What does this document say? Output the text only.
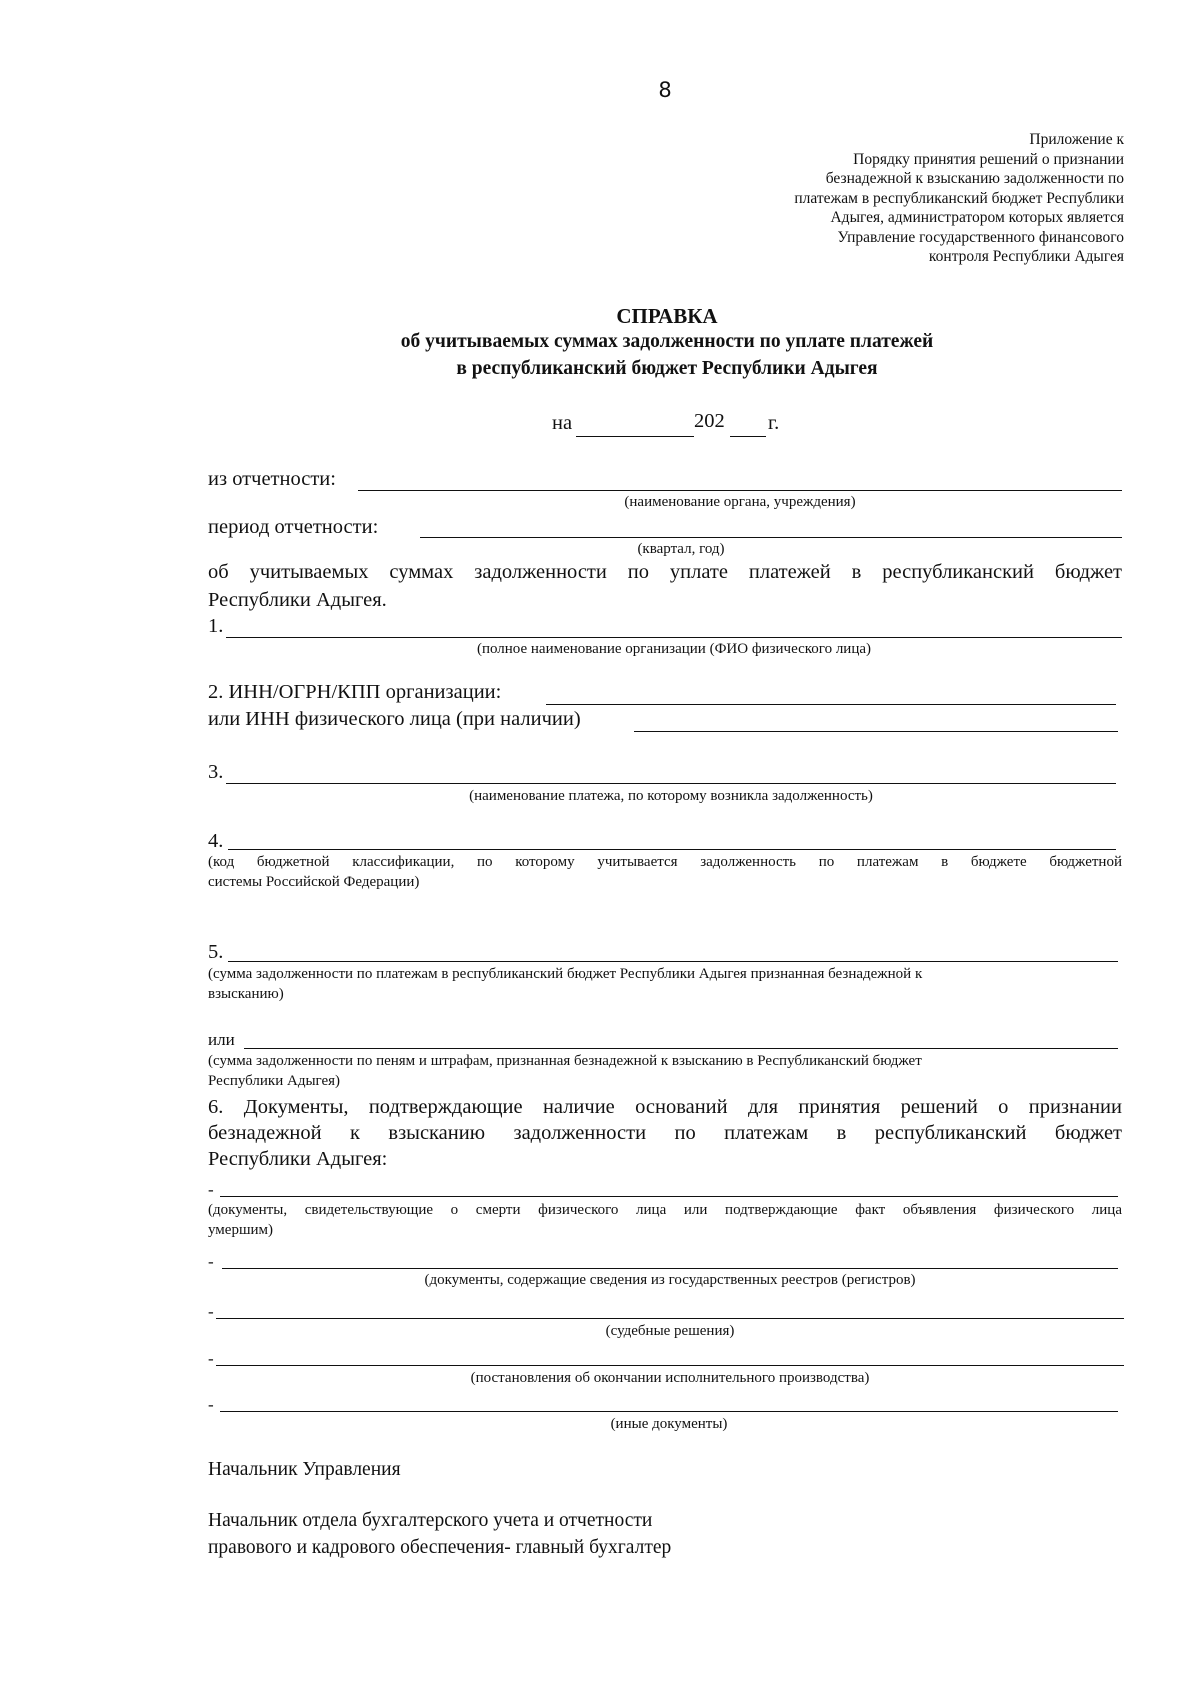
8
Приложение к
Порядку принятия решений о признании
безнадежной к взысканию задолженности по
платежам в республиканский бюджет Республики
Адыгея, администратором которых является
Управление государственного финансового
контроля Республики Адыгея
СПРАВКА
об учитываемых суммах задолженности по уплате платежей
в республиканский бюджет Республики Адыгея
на	202 г.
из отчетности:
(наименование органа, учреждения)
период отчетности:
(квартал, год)
об учитываемых суммах задолженности по уплате платежей в республиканский бюджет
Республики Адыгея.
1.
(полное наименование организации (ФИО физического лица)
2. ИНН/ОГРН/КПП организации:
или ИНН физического лица (при наличии)
3.
(наименование платежа, по которому возникла задолженность)
4.
(код бюджетной классификации, по которому учитывается задолженность по платежам в бюджете бюджетной
системы Российской Федерации)
5.
(сумма задолженности по платежам в республиканский бюджет Республики Адыгея признанная безнадежной к
взысканию)
или
(сумма задолженности по пеням и штрафам, признанная безнадежной к взысканию в Республиканский бюджет
Республики Адыгея)
6. Документы, подтверждающие наличие оснований для принятия решений о признании
безнадежной к взысканию задолженности по платежам в республиканский бюджет
Республики Адыгея:
-
(документы, свидетельствующие о смерти физического лица или подтверждающие факт объявления физического лица
умершим)
-
(документы, содержащие сведения из государственных реестров (регистров)
-
(судебные решения)
-
(постановления об окончании исполнительного производства)
-
(иные документы)
Начальник Управления
Начальник отдела бухгалтерского учета и отчетности
правового и кадрового обеспечения- главный бухгалтер
